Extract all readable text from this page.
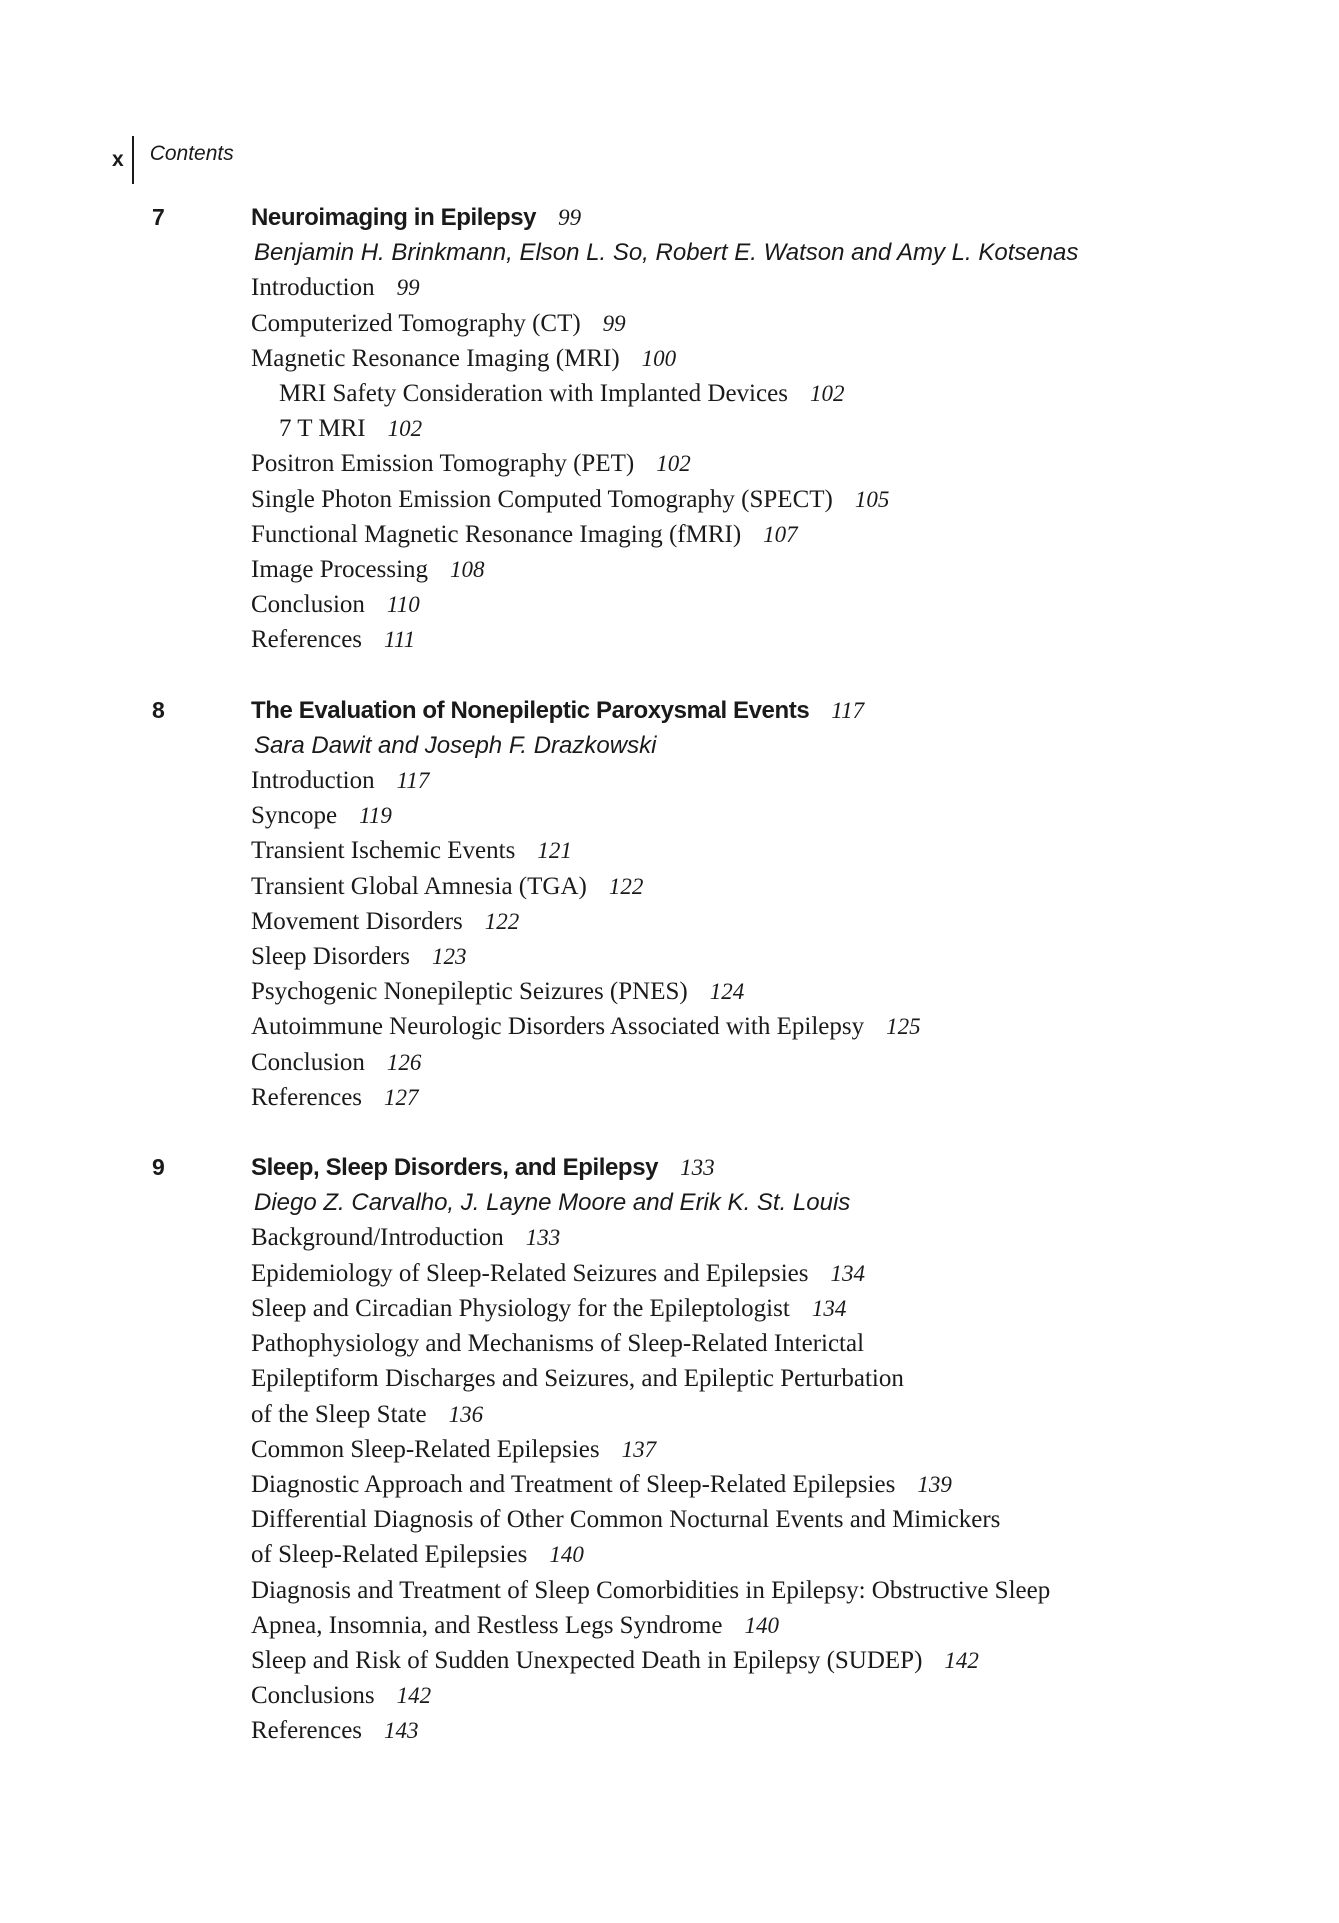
x	Contents
7	Neuroimaging in Epilepsy 99
Benjamin H. Brinkmann, Elson L. So, Robert E. Watson and Amy L. Kotsenas
Introduction 99
Computerized Tomography (CT) 99
Magnetic Resonance Imaging (MRI) 100
MRI Safety Consideration with Implanted Devices 102
7 T MRI 102
Positron Emission Tomography (PET) 102
Single Photon Emission Computed Tomography (SPECT) 105
Functional Magnetic Resonance Imaging (fMRI) 107
Image Processing 108
Conclusion 110
References 111
8	The Evaluation of Nonepileptic Paroxysmal Events 117
Sara Dawit and Joseph F. Drazkowski
Introduction 117
Syncope 119
Transient Ischemic Events 121
Transient Global Amnesia (TGA) 122
Movement Disorders 122
Sleep Disorders 123
Psychogenic Nonepileptic Seizures (PNES) 124
Autoimmune Neurologic Disorders Associated with Epilepsy 125
Conclusion 126
References 127
9	Sleep, Sleep Disorders, and Epilepsy 133
Diego Z. Carvalho, J. Layne Moore and Erik K. St. Louis
Background/Introduction 133
Epidemiology of Sleep-Related Seizures and Epilepsies 134
Sleep and Circadian Physiology for the Epileptologist 134
Pathophysiology and Mechanisms of Sleep-Related Interictal
Epileptiform Discharges and Seizures, and Epileptic Perturbation
of the Sleep State 136
Common Sleep-Related Epilepsies 137
Diagnostic Approach and Treatment of Sleep-Related Epilepsies 139
Differential Diagnosis of Other Common Nocturnal Events and Mimickers
of Sleep-Related Epilepsies 140
Diagnosis and Treatment of Sleep Comorbidities in Epilepsy: Obstructive Sleep
Apnea, Insomnia, and Restless Legs Syndrome 140
Sleep and Risk of Sudden Unexpected Death in Epilepsy (SUDEP) 142
Conclusions 142
References 143
